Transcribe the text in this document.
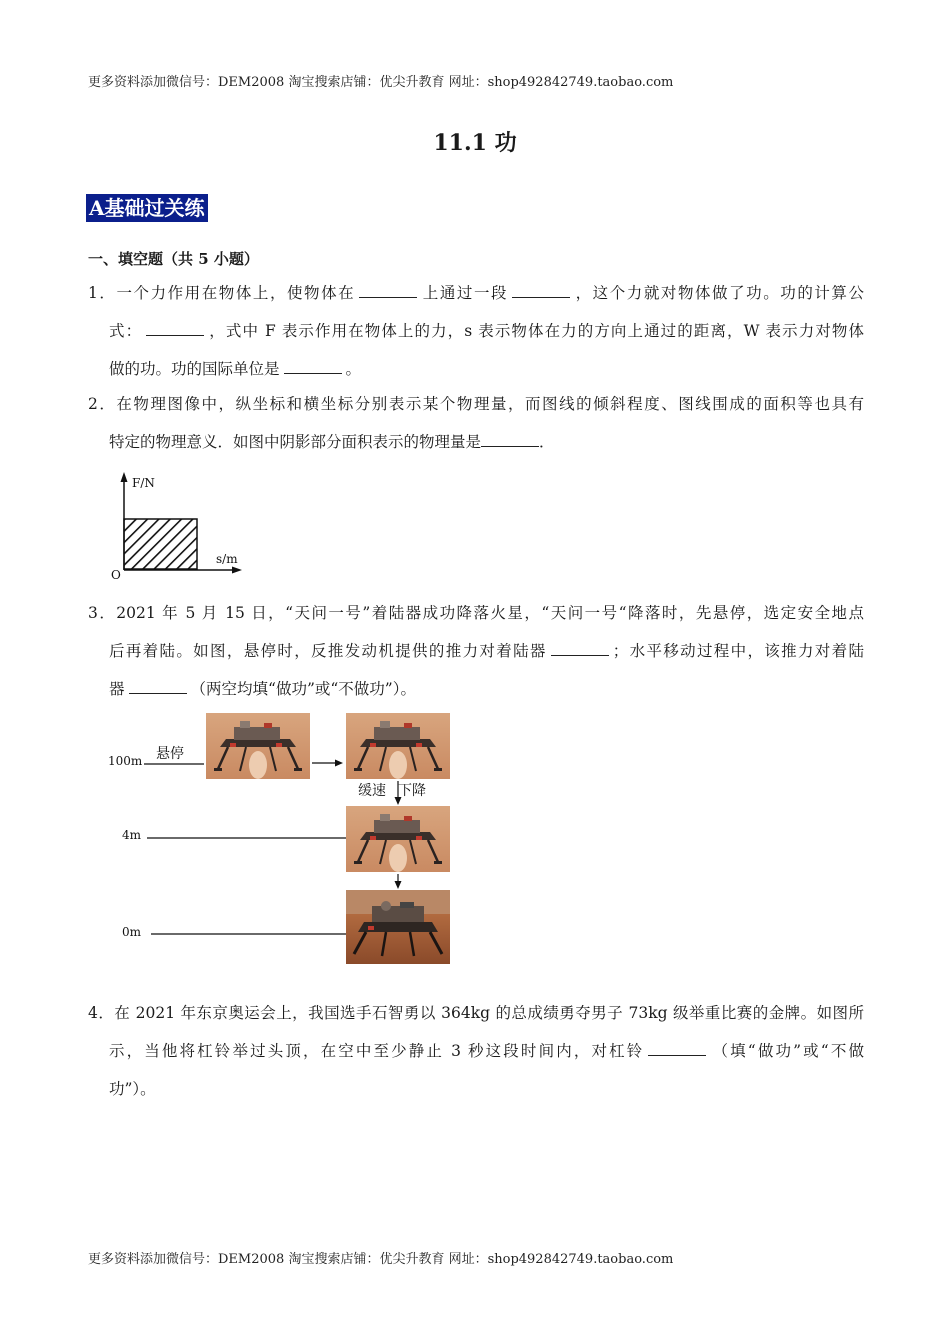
更多资料添加微信号：DEM2008 淘宝搜索店铺：优尖升教育 网址：shop492842749.taobao.com
11.1 功
A基础过关练
一、填空题（共 5 小题）
1．一个力作用在物体上，使物体在	上通过一段	，这个力就对物体做了功。功的计算公
式：	，式中 F 表示作用在物体上的力，s 表示物体在力的方向上通过的距离，W 表示力对物体
做的功。功的国际单位是	。
2．在物理图像中，纵坐标和横坐标分别表示某个物理量，而图线的倾斜程度、图线围成的面积等也具有
特定的物理意义．如图中阴影部分面积表示的物理量是	．
F/N
s/m
O
3．2021 年 5 月 15 日，“天问一号”着陆器成功降落火星，“天问一号“降落时，先悬停，选定安全地点
后再着陆。如图，悬停时，反推发动机提供的推力对着陆器	；水平移动过程中，该推力对着陆
器	（两空均填“做功”或“不做功”）。
100m
4m
0m
悬停
缓速 下降
4．在 2021 年东京奥运会上，我国选手石智勇以 364kg 的总成绩勇夺男子 73kg 级举重比赛的金牌。如图所
示，当他将杠铃举过头顶，在空中至少静止 3 秒这段时间内，对杠铃	（填“做功”或“不做
功”）。
更多资料添加微信号：DEM2008 淘宝搜索店铺：优尖升教育 网址：shop492842749.taobao.com
